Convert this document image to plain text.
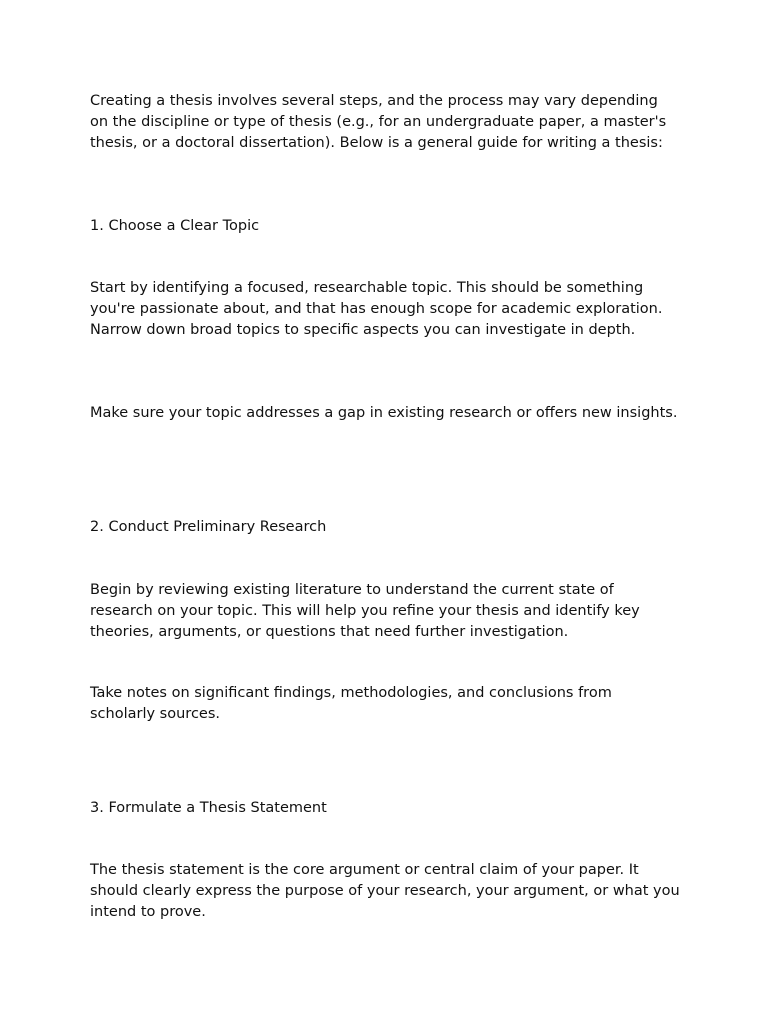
Creating a thesis involves several steps, and the process may vary depending on the discipline or type of thesis (e.g., for an undergraduate paper, a master's thesis, or a doctoral dissertation). Below is a general guide for writing a thesis:

1. Choose a Clear Topic

Start by identifying a focused, researchable topic. This should be something you're passionate about, and that has enough scope for academic exploration. Narrow down broad topics to specific aspects you can investigate in depth.

Make sure your topic addresses a gap in existing research or offers new insights.

2. Conduct Preliminary Research

Begin by reviewing existing literature to understand the current state of research on your topic. This will help you refine your thesis and identify key theories, arguments, or questions that need further investigation.

Take notes on significant findings, methodologies, and conclusions from scholarly sources.

3. Formulate a Thesis Statement

The thesis statement is the core argument or central claim of your paper. It should clearly express the purpose of your research, your argument, or what you intend to prove.
